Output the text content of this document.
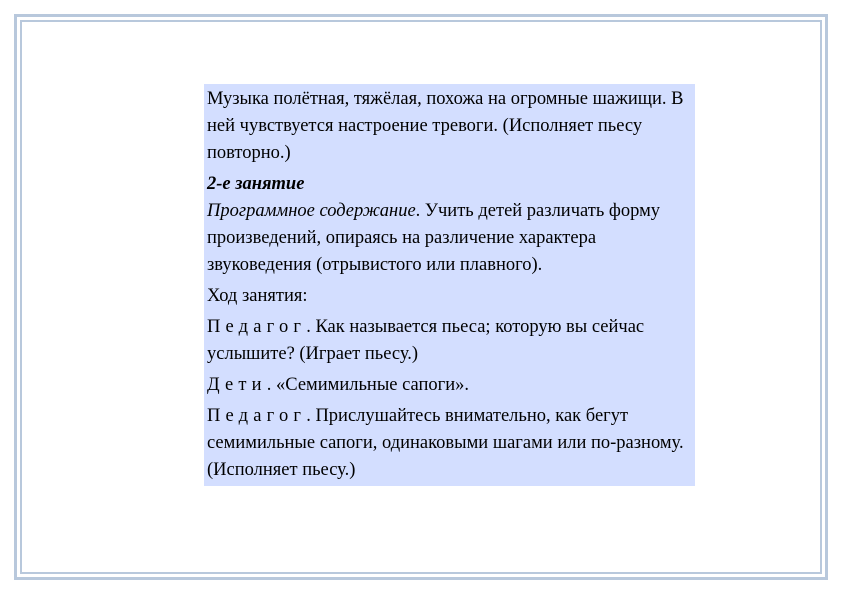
Музыка полётная, тяжёлая, похожа на огромные шажищи. В ней чувствуется настроение тревоги. (Исполняет пьесу повторно.)

2-е занятие
Программное содержание. Учить детей различать форму произведений, опираясь на различение характера звуковедения (отрывистого или плавного).

Ход занятия:

Педагог. Как называется пьеса; которую вы сейчас услышите? (Играет пьесу.)

Дети. «Семимильные сапоги».

Педагог. Прислушайтесь внимательно, как бегут семимильные сапоги, одинаковыми шагами или по-разному. (Исполняет пьесу.)
